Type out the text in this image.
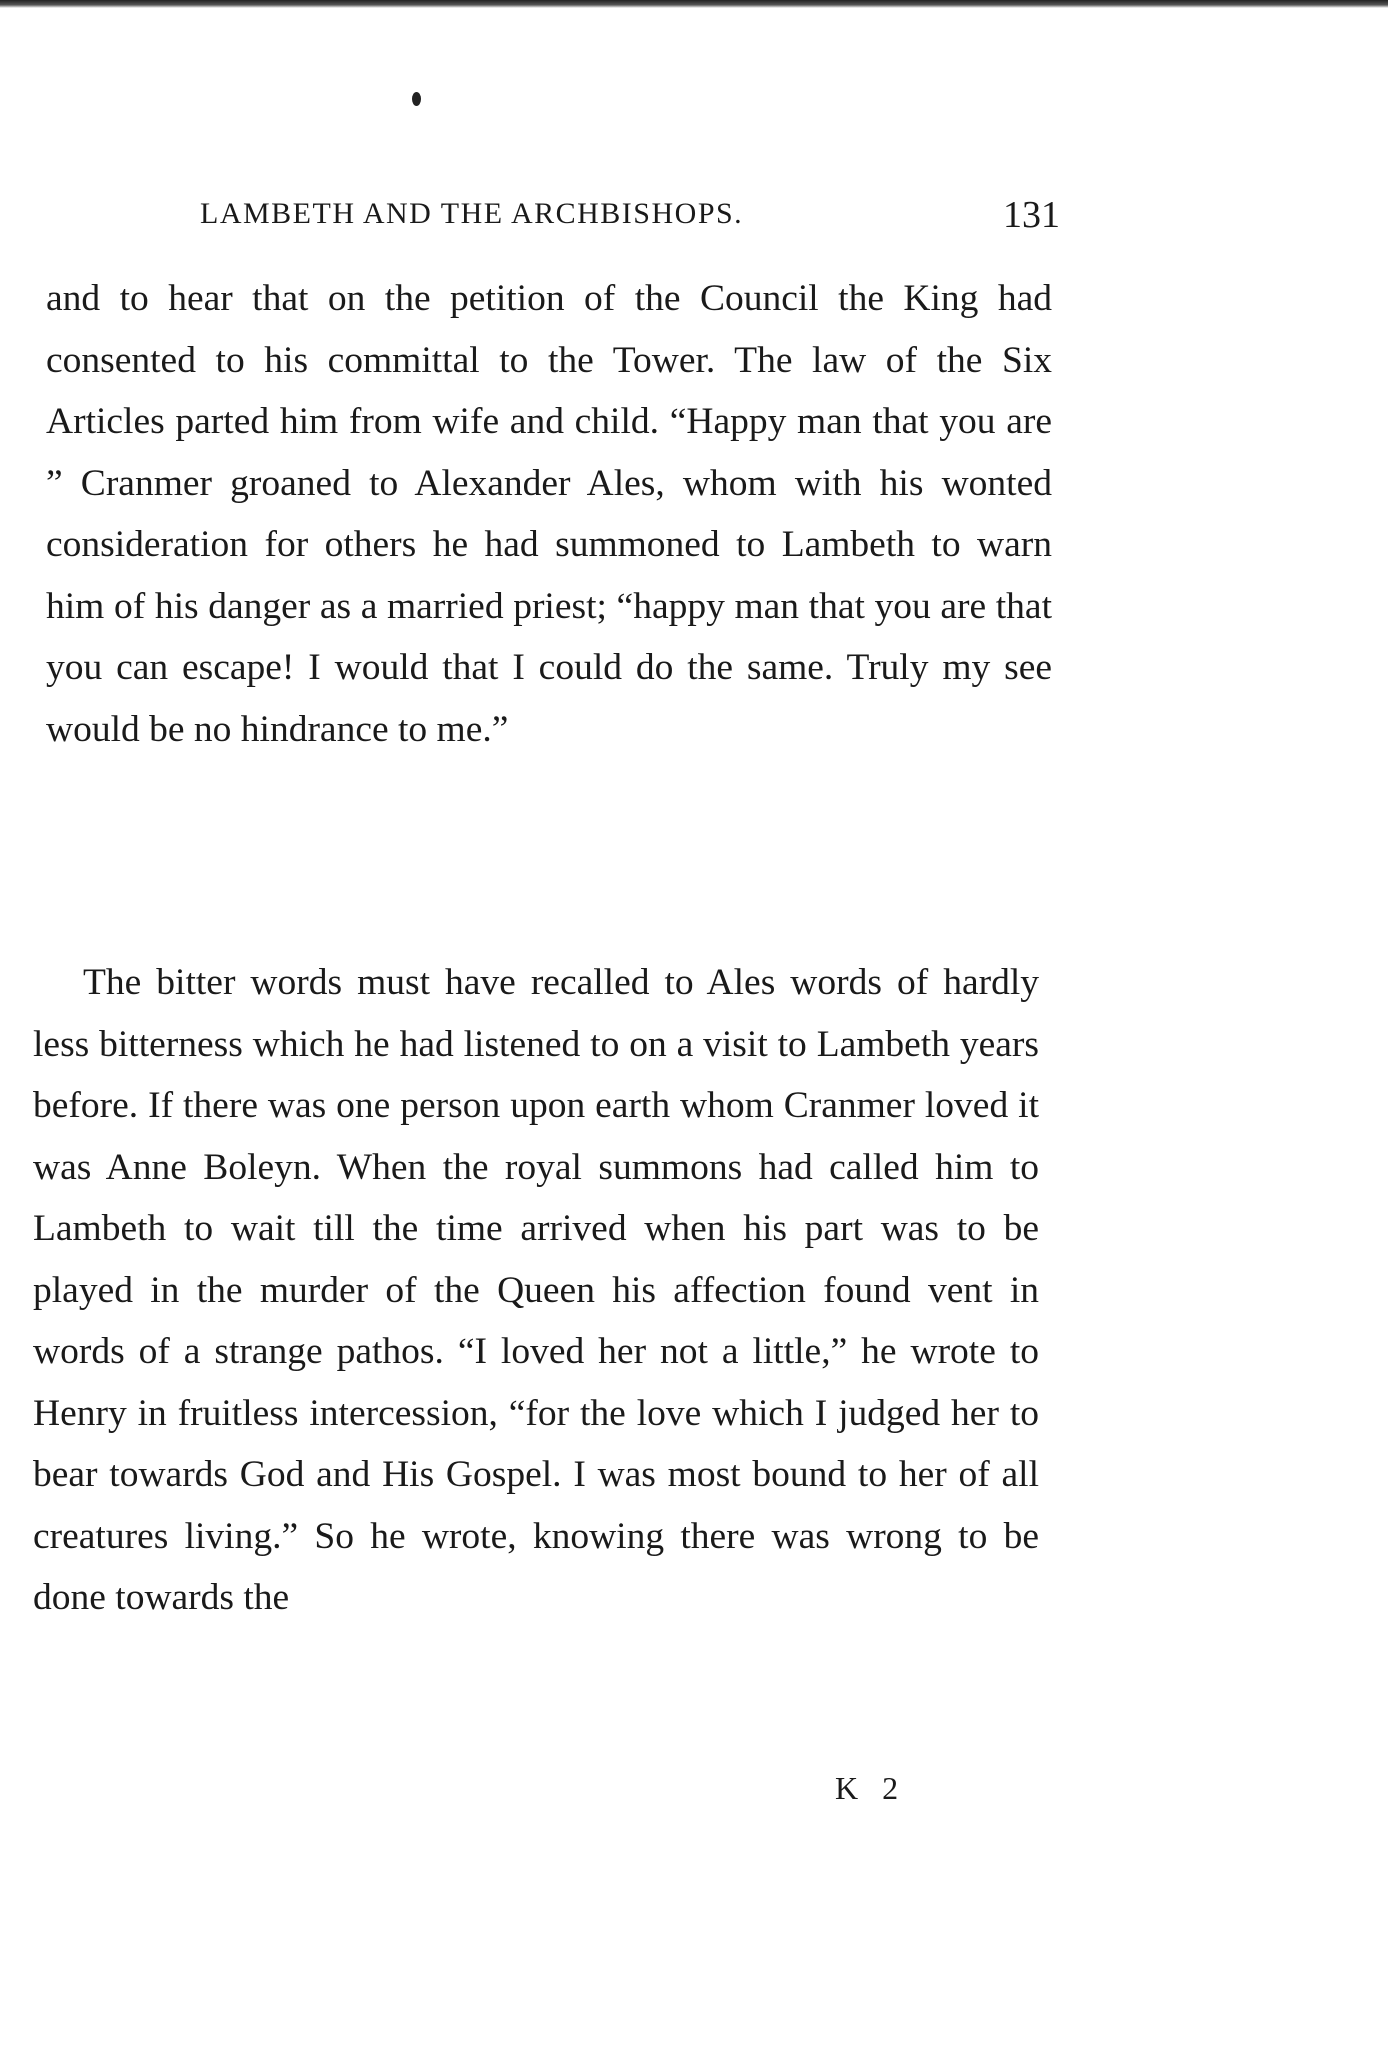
LAMBETH AND THE ARCHBISHOPS.	131

and to hear that on the petition of the Council the King had consented to his committal to the Tower. The law of the Six Articles parted him from wife and child. “Happy man that you are ” Cranmer groaned to Alexander Ales, whom with his wonted consideration for others he had summoned to Lambeth to warn him of his danger as a married priest; “happy man that you are that you can escape! I would that I could do the same. Truly my see would be no hindrance to me.”

The bitter words must have recalled to Ales words of hardly less bitterness which he had listened to on a visit to Lambeth years before. If there was one person upon earth whom Cranmer loved it was Anne Boleyn. When the royal summons had called him to Lambeth to wait till the time arrived when his part was to be played in the murder of the Queen his affection found vent in words of a strange pathos. “I loved her not a little,” he wrote to Henry in fruitless intercession, “for the love which I judged her to bear towards God and His Gospel. I was most bound to her of all creatures living.” So he wrote, knowing there was wrong to be done towards the

K 2
